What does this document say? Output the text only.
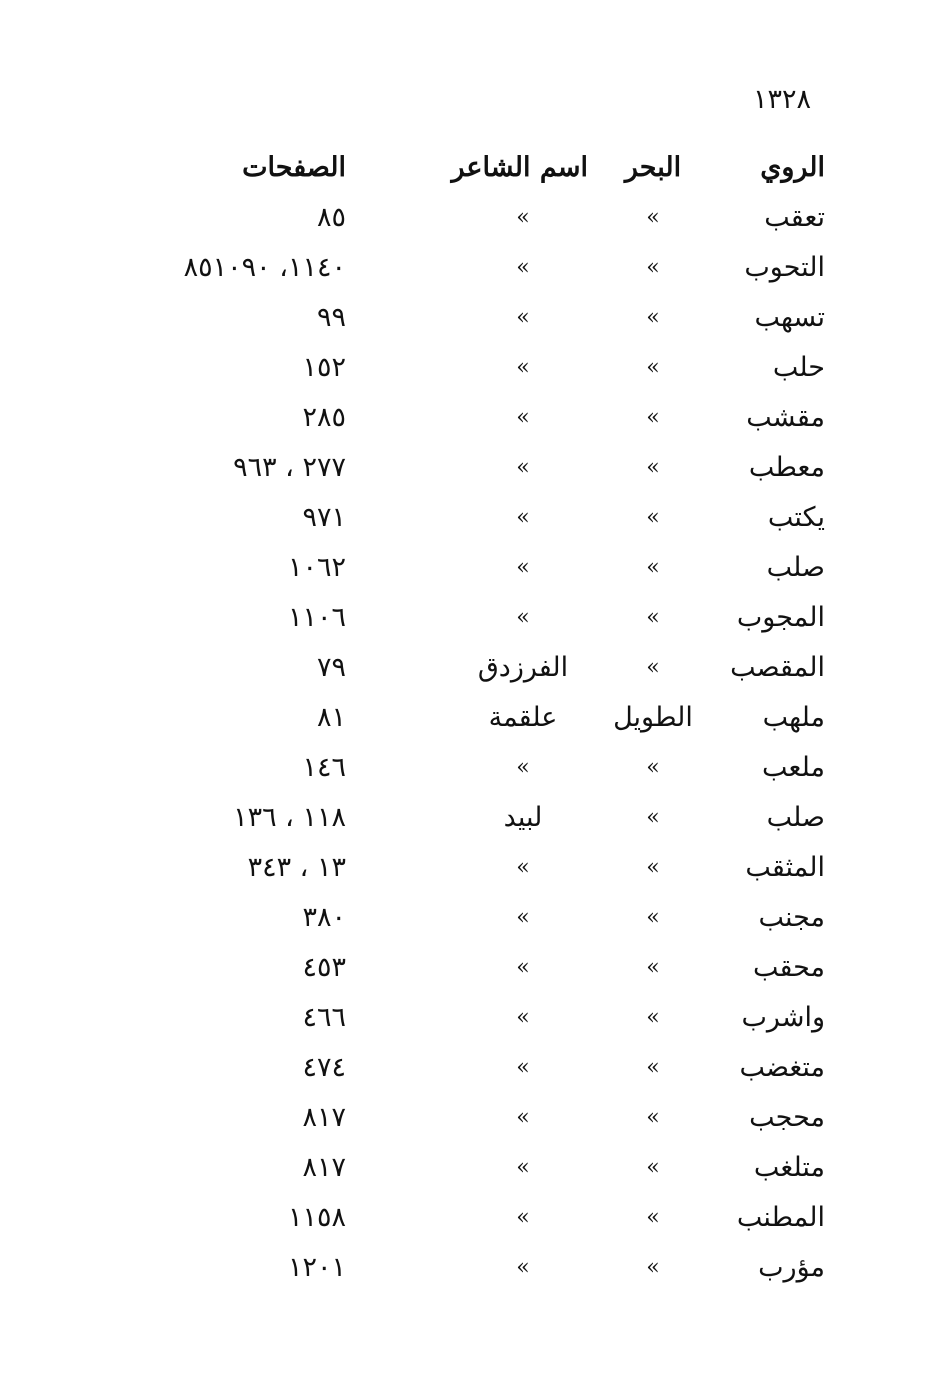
١٣٢٨
الروي
البحر
اسم الشاعر
الصفحات
تعقب
»
»
٨٥
التحوب
»
»
١١٤٠، ٨٥١٠٩٠
تسهب
»
»
٩٩
حلب
»
»
١٥٢
مقشب
»
»
٢٨٥
معطب
»
»
٢٧٧ ، ٩٦٣
يكتب
»
»
٩٧١
صلب
»
»
١٠٦٢
المجوب
»
»
١١٠٦
المقصب
»
الفرزدق
٧٩
ملهب
الطويل
علقمة
٨١
ملعب
»
»
١٤٦
صلب
»
لبيد
١١٨ ، ١٣٦
المثقب
»
»
١٣ ، ٣٤٣
مجنب
»
»
٣٨٠
محقب
»
»
٤٥٣
واشرب
»
»
٤٦٦
متغضب
»
»
٤٧٤
محجب
»
»
٨١٧
متلغب
»
»
٨١٧
المطنب
»
»
١١٥٨
مؤرب
»
»
١٢٠١
